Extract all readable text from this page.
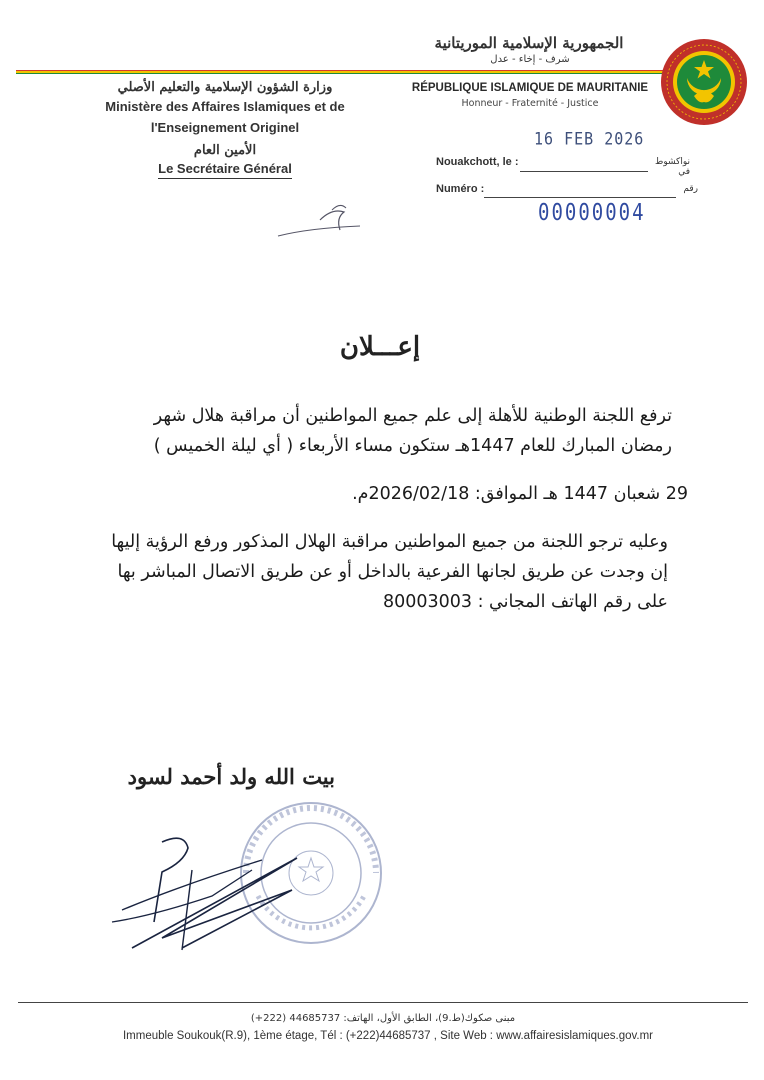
الجمهورية الإسلامية الموريتانية
شرف - إخاء - عدل
RÉPUBLIQUE ISLAMIQUE DE MAURITANIE
Honneur - Fraternité - Justice
وزارة الشؤون الإسلامية والتعليم الأصلي
Ministère des Affaires Islamiques et de
l'Enseignement Originel
الأمين العام
Le Secrétaire Général
16 FEB 2026
Nouakchott, le :	نواكشوط في
Numéro :	رقم
00000004
إعـــلان
ترفع اللجنة الوطنية للأهلة إلى علم جميع المواطنين أن مراقبة هلال شهر
رمضان المبارك للعام 1447هـ ستكون مساء الأربعاء ( أي ليلة الخميس )
29 شعبان 1447 هـ الموافق: 2026/02/18م.
وعليه ترجو اللجنة من جميع المواطنين مراقبة الهلال المذكور ورفع الرؤية إليها
إن وجدت عن طريق لجانها الفرعية بالداخل أو عن طريق الاتصال المباشر بها
على رقم الهاتف المجاني : 80003003
بيت الله ولد أحمد لسود
مبنى صكوك(ط.9)، الطابق الأول، الهاتف: 44685737 (222+)
Immeuble Soukouk(R.9), 1ème étage, Tél : (+222)44685737 , Site Web : www.affairesislamiques.gov.mr
